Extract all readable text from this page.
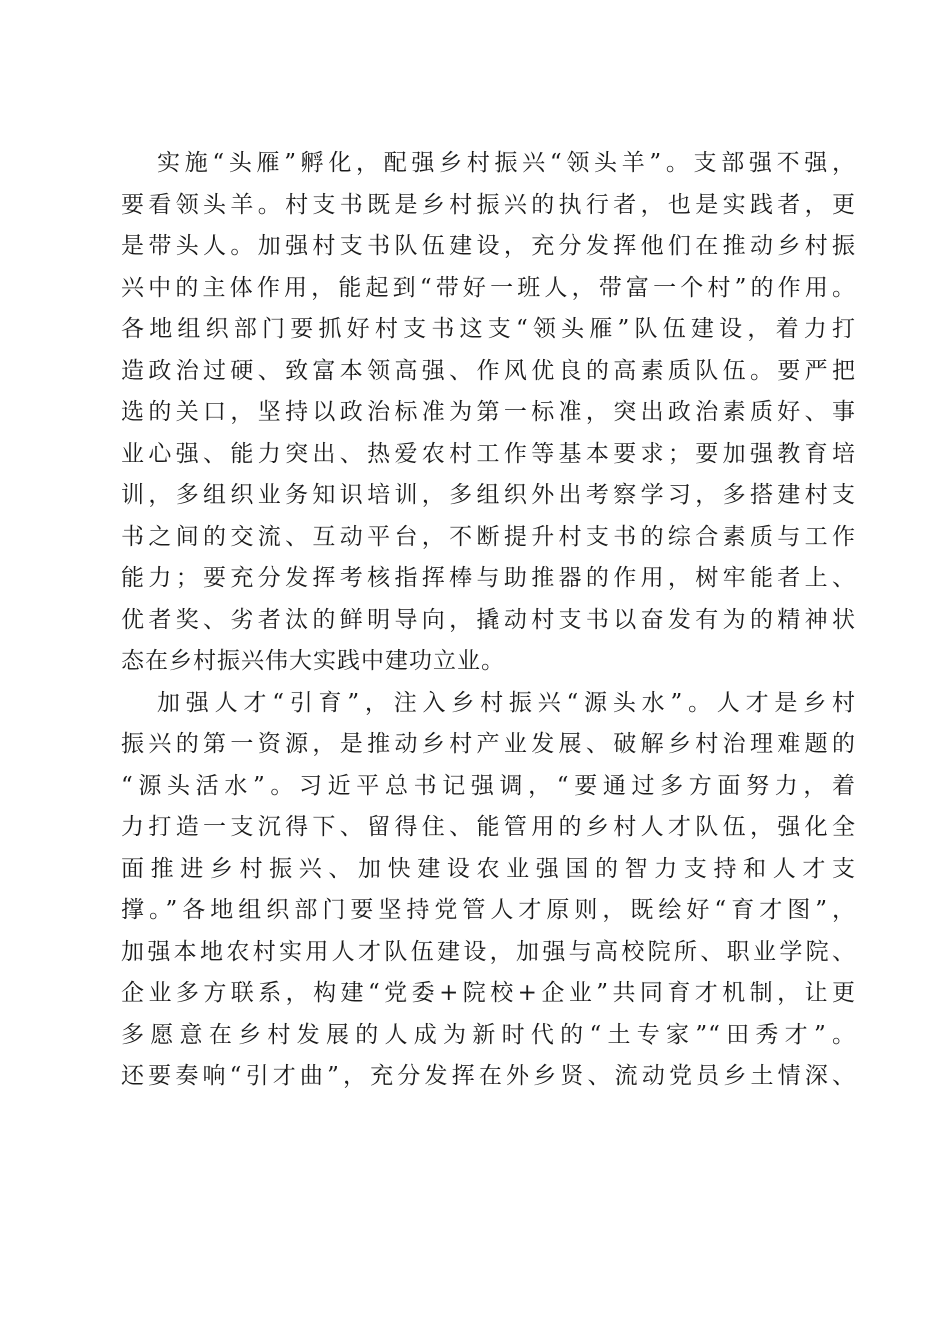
实施“头雁”孵化，配强乡村振兴“领头羊”。支部强不强，
要看领头羊。村支书既是乡村振兴的执行者，也是实践者，更
是带头人。加强村支书队伍建设，充分发挥他们在推动乡村振
兴中的主体作用，能起到“带好一班人，带富一个村”的作用。
各地组织部门要抓好村支书这支“领头雁”队伍建设，着力打
造政治过硬、致富本领高强、作风优良的高素质队伍。要严把
选的关口，坚持以政治标准为第一标准，突出政治素质好、事
业心强、能力突出、热爱农村工作等基本要求；要加强教育培
训，多组织业务知识培训，多组织外出考察学习，多搭建村支
书之间的交流、互动平台，不断提升村支书的综合素质与工作
能力；要充分发挥考核指挥棒与助推器的作用，树牢能者上、
优者奖、劣者汰的鲜明导向，撬动村支书以奋发有为的精神状
态在乡村振兴伟大实践中建功立业。
加强人才“引育”，注入乡村振兴“源头水”。人才是乡村
振兴的第一资源，是推动乡村产业发展、破解乡村治理难题的
“源头活水”。习近平总书记强调，“要通过多方面努力，着
力打造一支沉得下、留得住、能管用的乡村人才队伍，强化全
面推进乡村振兴、加快建设农业强国的智力支持和人才支
撑。”各地组织部门要坚持党管人才原则，既绘好“育才图”，
加强本地农村实用人才队伍建设，加强与高校院所、职业学院、
企业多方联系，构建“党委+院校+企业”共同育才机制，让更
多愿意在乡村发展的人成为新时代的“土专家”“田秀才”。
还要奏响“引才曲”，充分发挥在外乡贤、流动党员乡土情深、
